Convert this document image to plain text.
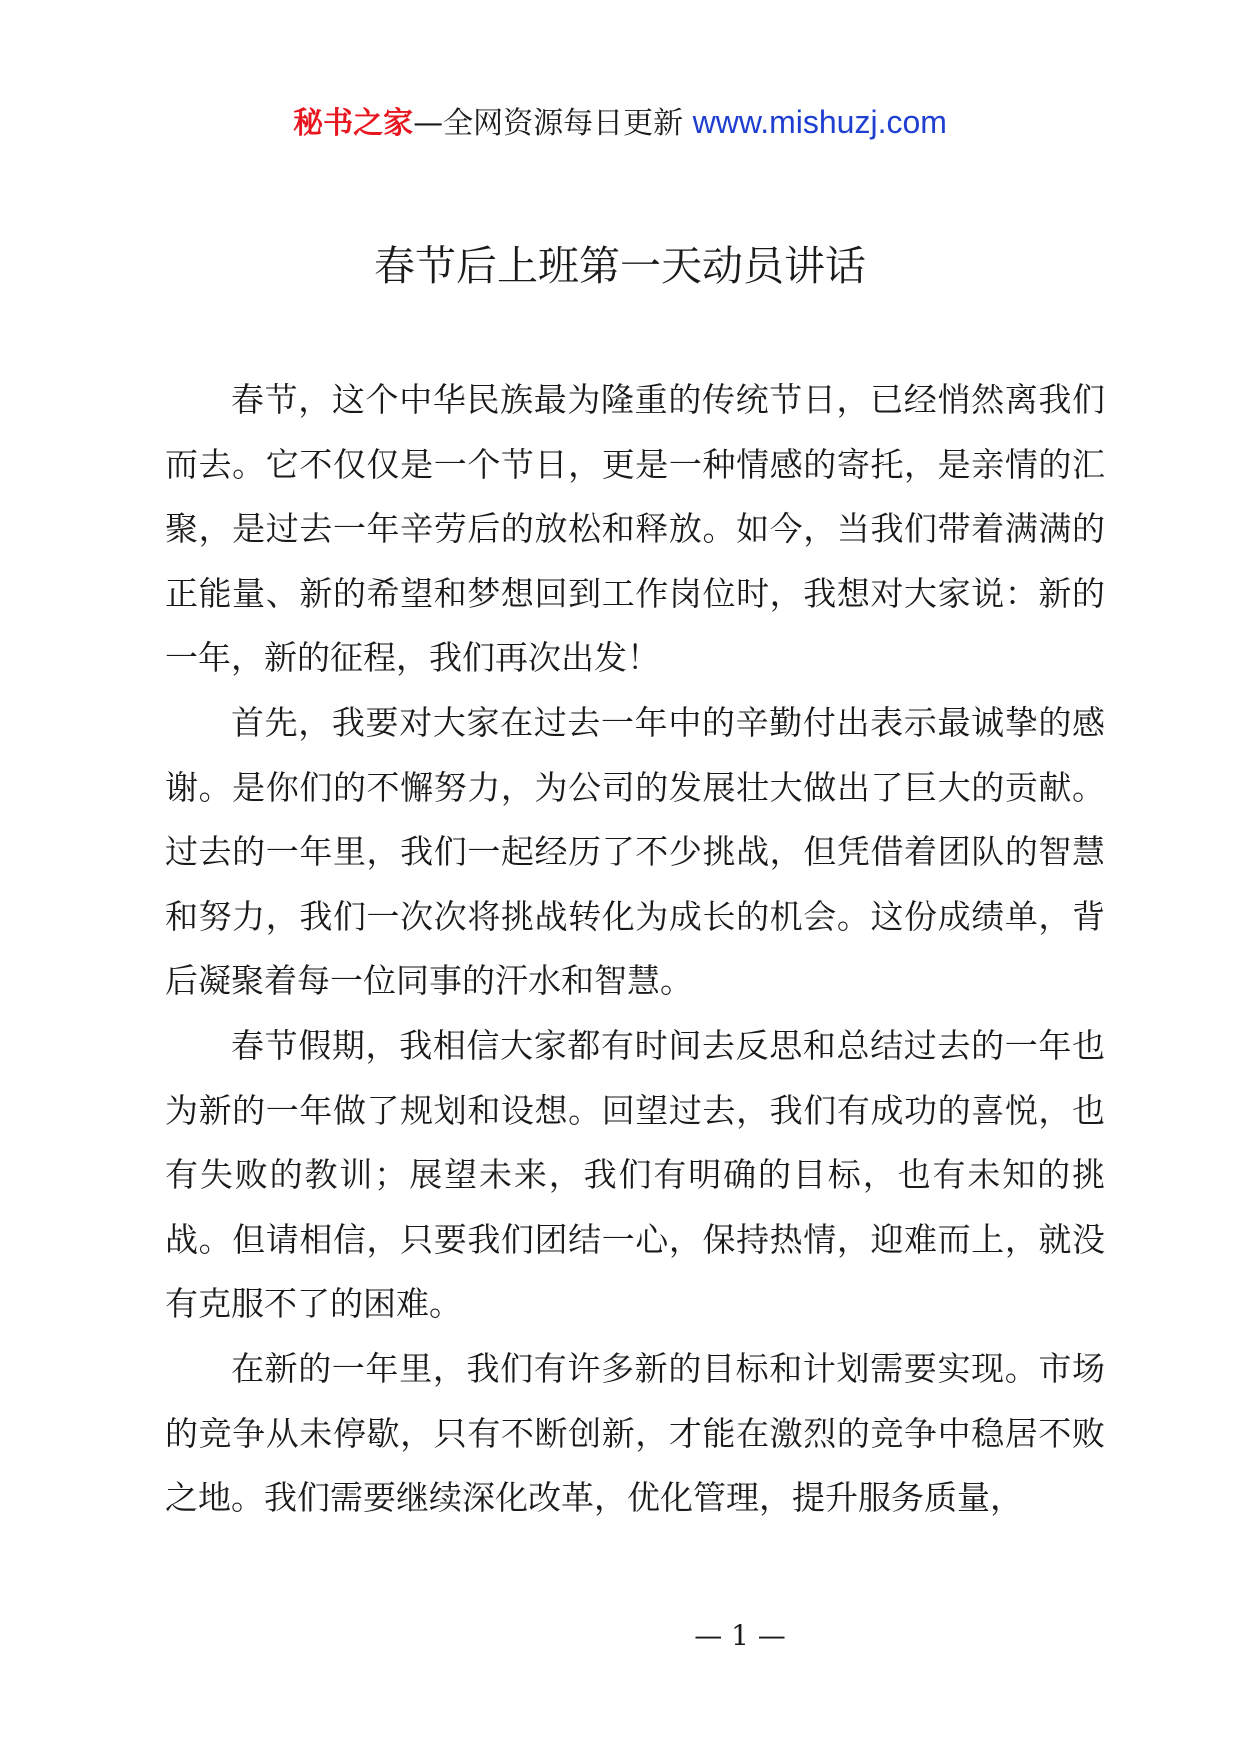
秘书之家—全网资源每日更新 www.mishuzj.com
春节后上班第一天动员讲话

春节，这个中华民族最为隆重的传统节日，已经悄然离我们而去。它不仅仅是一个节日，更是一种情感的寄托，是亲情的汇聚，是过去一年辛劳后的放松和释放。如今，当我们带着满满的正能量、新的希望和梦想回到工作岗位时，我想对大家说：新的一年，新的征程，我们再次出发！

首先，我要对大家在过去一年中的辛勤付出表示最诚挚的感谢。是你们的不懈努力，为公司的发展壮大做出了巨大的贡献。过去的一年里，我们一起经历了不少挑战，但凭借着团队的智慧和努力，我们一次次将挑战转化为成长的机会。这份成绩单，背后凝聚着每一位同事的汗水和智慧。

春节假期，我相信大家都有时间去反思和总结过去的一年也为新的一年做了规划和设想。回望过去，我们有成功的喜悦，也有失败的教训；展望未来，我们有明确的目标，也有未知的挑战。但请相信，只要我们团结一心，保持热情，迎难而上，就没有克服不了的困难。

在新的一年里，我们有许多新的目标和计划需要实现。市场的竞争从未停歇，只有不断创新，才能在激烈的竞争中稳居不败之地。我们需要继续深化改革，优化管理，提升服务质量，

— 1 —
